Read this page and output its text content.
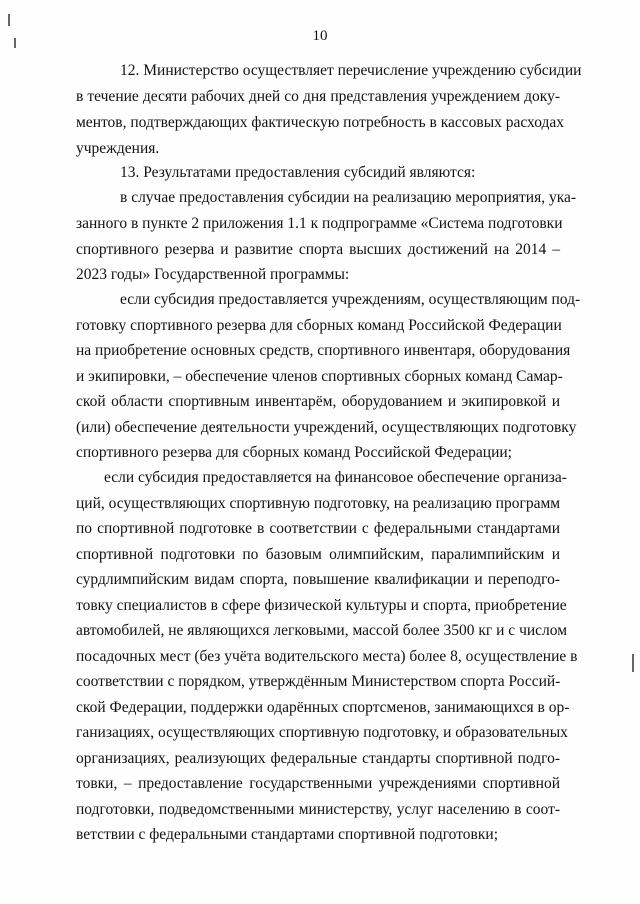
10
12. Министерство осуществляет перечисление учреждению субсидии
в течение десяти рабочих дней со дня представления учреждением доку-
ментов, подтверждающих фактическую потребность в кассовых расходах
учреждения.
13. Результатами предоставления субсидий являются:
в случае предоставления субсидии на реализацию мероприятия, ука-
занного в пункте 2 приложения 1.1 к подпрограмме «Система подготовки
спортивного резерва и развитие спорта высших достижений на 2014 –
2023 годы» Государственной программы:
если субсидия предоставляется учреждениям, осуществляющим под-
готовку спортивного резерва для сборных команд Российской Федерации
на приобретение основных средств, спортивного инвентаря, оборудования
и экипировки, – обеспечение членов спортивных сборных команд Самар-
ской области спортивным инвентарём, оборудованием и экипировкой и
(или) обеспечение деятельности учреждений, осуществляющих подготовку
спортивного резерва для сборных команд Российской Федерации;
если субсидия предоставляется на финансовое обеспечение организа-
ций, осуществляющих спортивную подготовку, на реализацию программ
по спортивной подготовке в соответствии с федеральными стандартами
спортивной подготовки по базовым олимпийским, паралимпийским и
сурдлимпийским видам спорта, повышение квалификации и переподго-
товку специалистов в сфере физической культуры и спорта, приобретение
автомобилей, не являющихся легковыми, массой более 3500 кг и с числом
посадочных мест (без учёта водительского места) более 8, осуществление в
соответствии с порядком, утверждённым Министерством спорта Россий-
ской Федерации, поддержки одарённых спортсменов, занимающихся в ор-
ганизациях, осуществляющих спортивную подготовку, и образовательных
организациях, реализующих федеральные стандарты спортивной подго-
товки, – предоставление государственными учреждениями спортивной
подготовки, подведомственными министерству, услуг населению в соот-
ветствии с федеральными стандартами спортивной подготовки;
